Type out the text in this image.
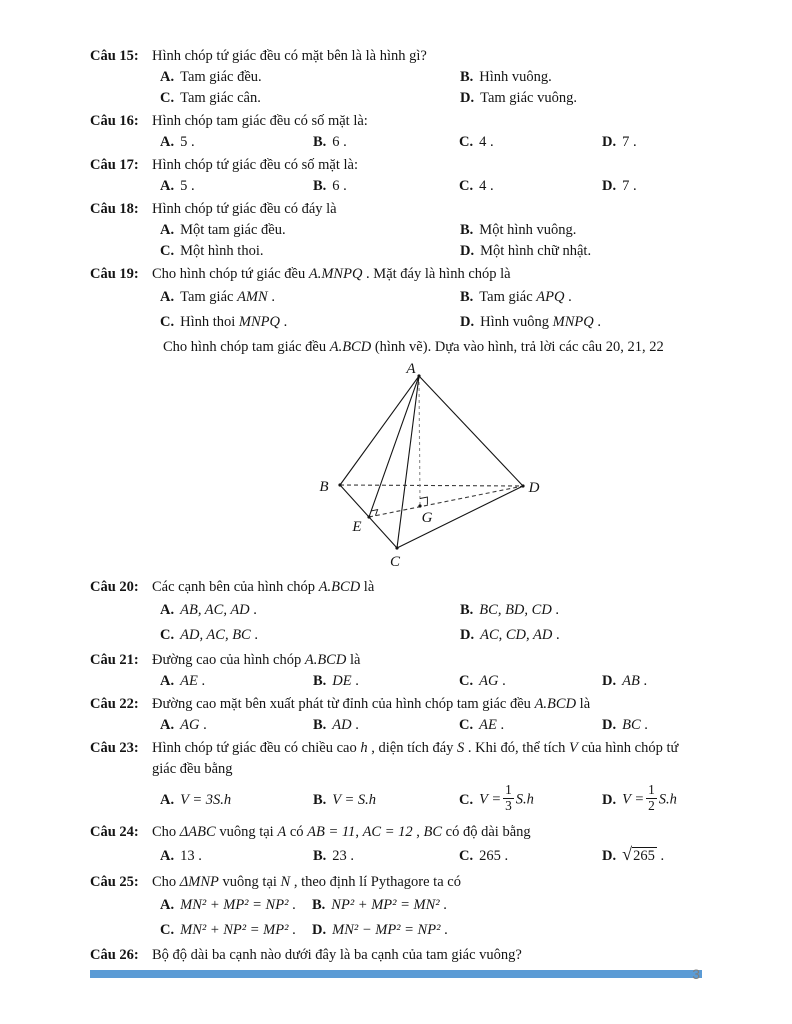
Câu 15: Hình chóp tứ giác đều có mặt bên là là hình gì?
A. Tam giác đều.	B. Hình vuông.
C. Tam giác cân.	D. Tam giác vuông.
Câu 16: Hình chóp tam giác đều có số mặt là:
A. 5 .	B. 6 .	C. 4 .	D. 7 .
Câu 17: Hình chóp tứ giác đều có số mặt là:
A. 5 .	B. 6 .	C. 4 .	D. 7 .
Câu 18: Hình chóp tứ giác đều có đáy là
A. Một tam giác đều.	B. Một hình vuông.
C. Một hình thoi.	D. Một hình chữ nhật.
Câu 19: Cho hình chóp tứ giác đều A.MNPQ . Mặt đáy là hình chóp là
A. Tam giác AMN .	B. Tam giác APQ .
C. Hình thoi MNPQ .	D. Hình vuông MNPQ .
Cho hình chóp tam giác đều A.BCD (hình vẽ). Dựa vào hình, trả lời các câu 20, 21, 22
A
B
C
D
E
G
Câu 20: Các cạnh bên của hình chóp A.BCD là
A. AB, AC, AD .	B. BC, BD, CD .
C. AD, AC, BC .	D. AC, CD, AD .
Câu 21: Đường cao của hình chóp A.BCD là
A. AE .	B. DE .	C. AG .	D. AB .
Câu 22: Đường cao mặt bên xuất phát từ đỉnh của hình chóp tam giác đều A.BCD là
A. AG .	B. AD .	C. AE .	D. BC .
Câu 23: Hình chóp tứ giác đều có chiều cao h , diện tích đáy S . Khi đó, thể tích V của hình chóp tứ giác đều bằng
A. V = 3S.h	B. V = S.h	C. $V = \frac{1}{3} S.h$	D. $V = \frac{1}{2} S.h$
Câu 24: Cho ΔABC vuông tại A có AB = 11, AC = 12 , BC có độ dài bằng
A. 13 .	B. 23 .	C. 265 .	D. √265 .
Câu 25: Cho ΔMNP vuông tại N , theo định lí Pythagore ta có
A. MN² + MP² = NP² .	B. NP² + MP² = MN² .
C. MN² + NP² = MP² .	D. MN² − MP² = NP² .
Câu 26: Bộ độ dài ba cạnh nào dưới đây là ba cạnh của tam giác vuông?
3
